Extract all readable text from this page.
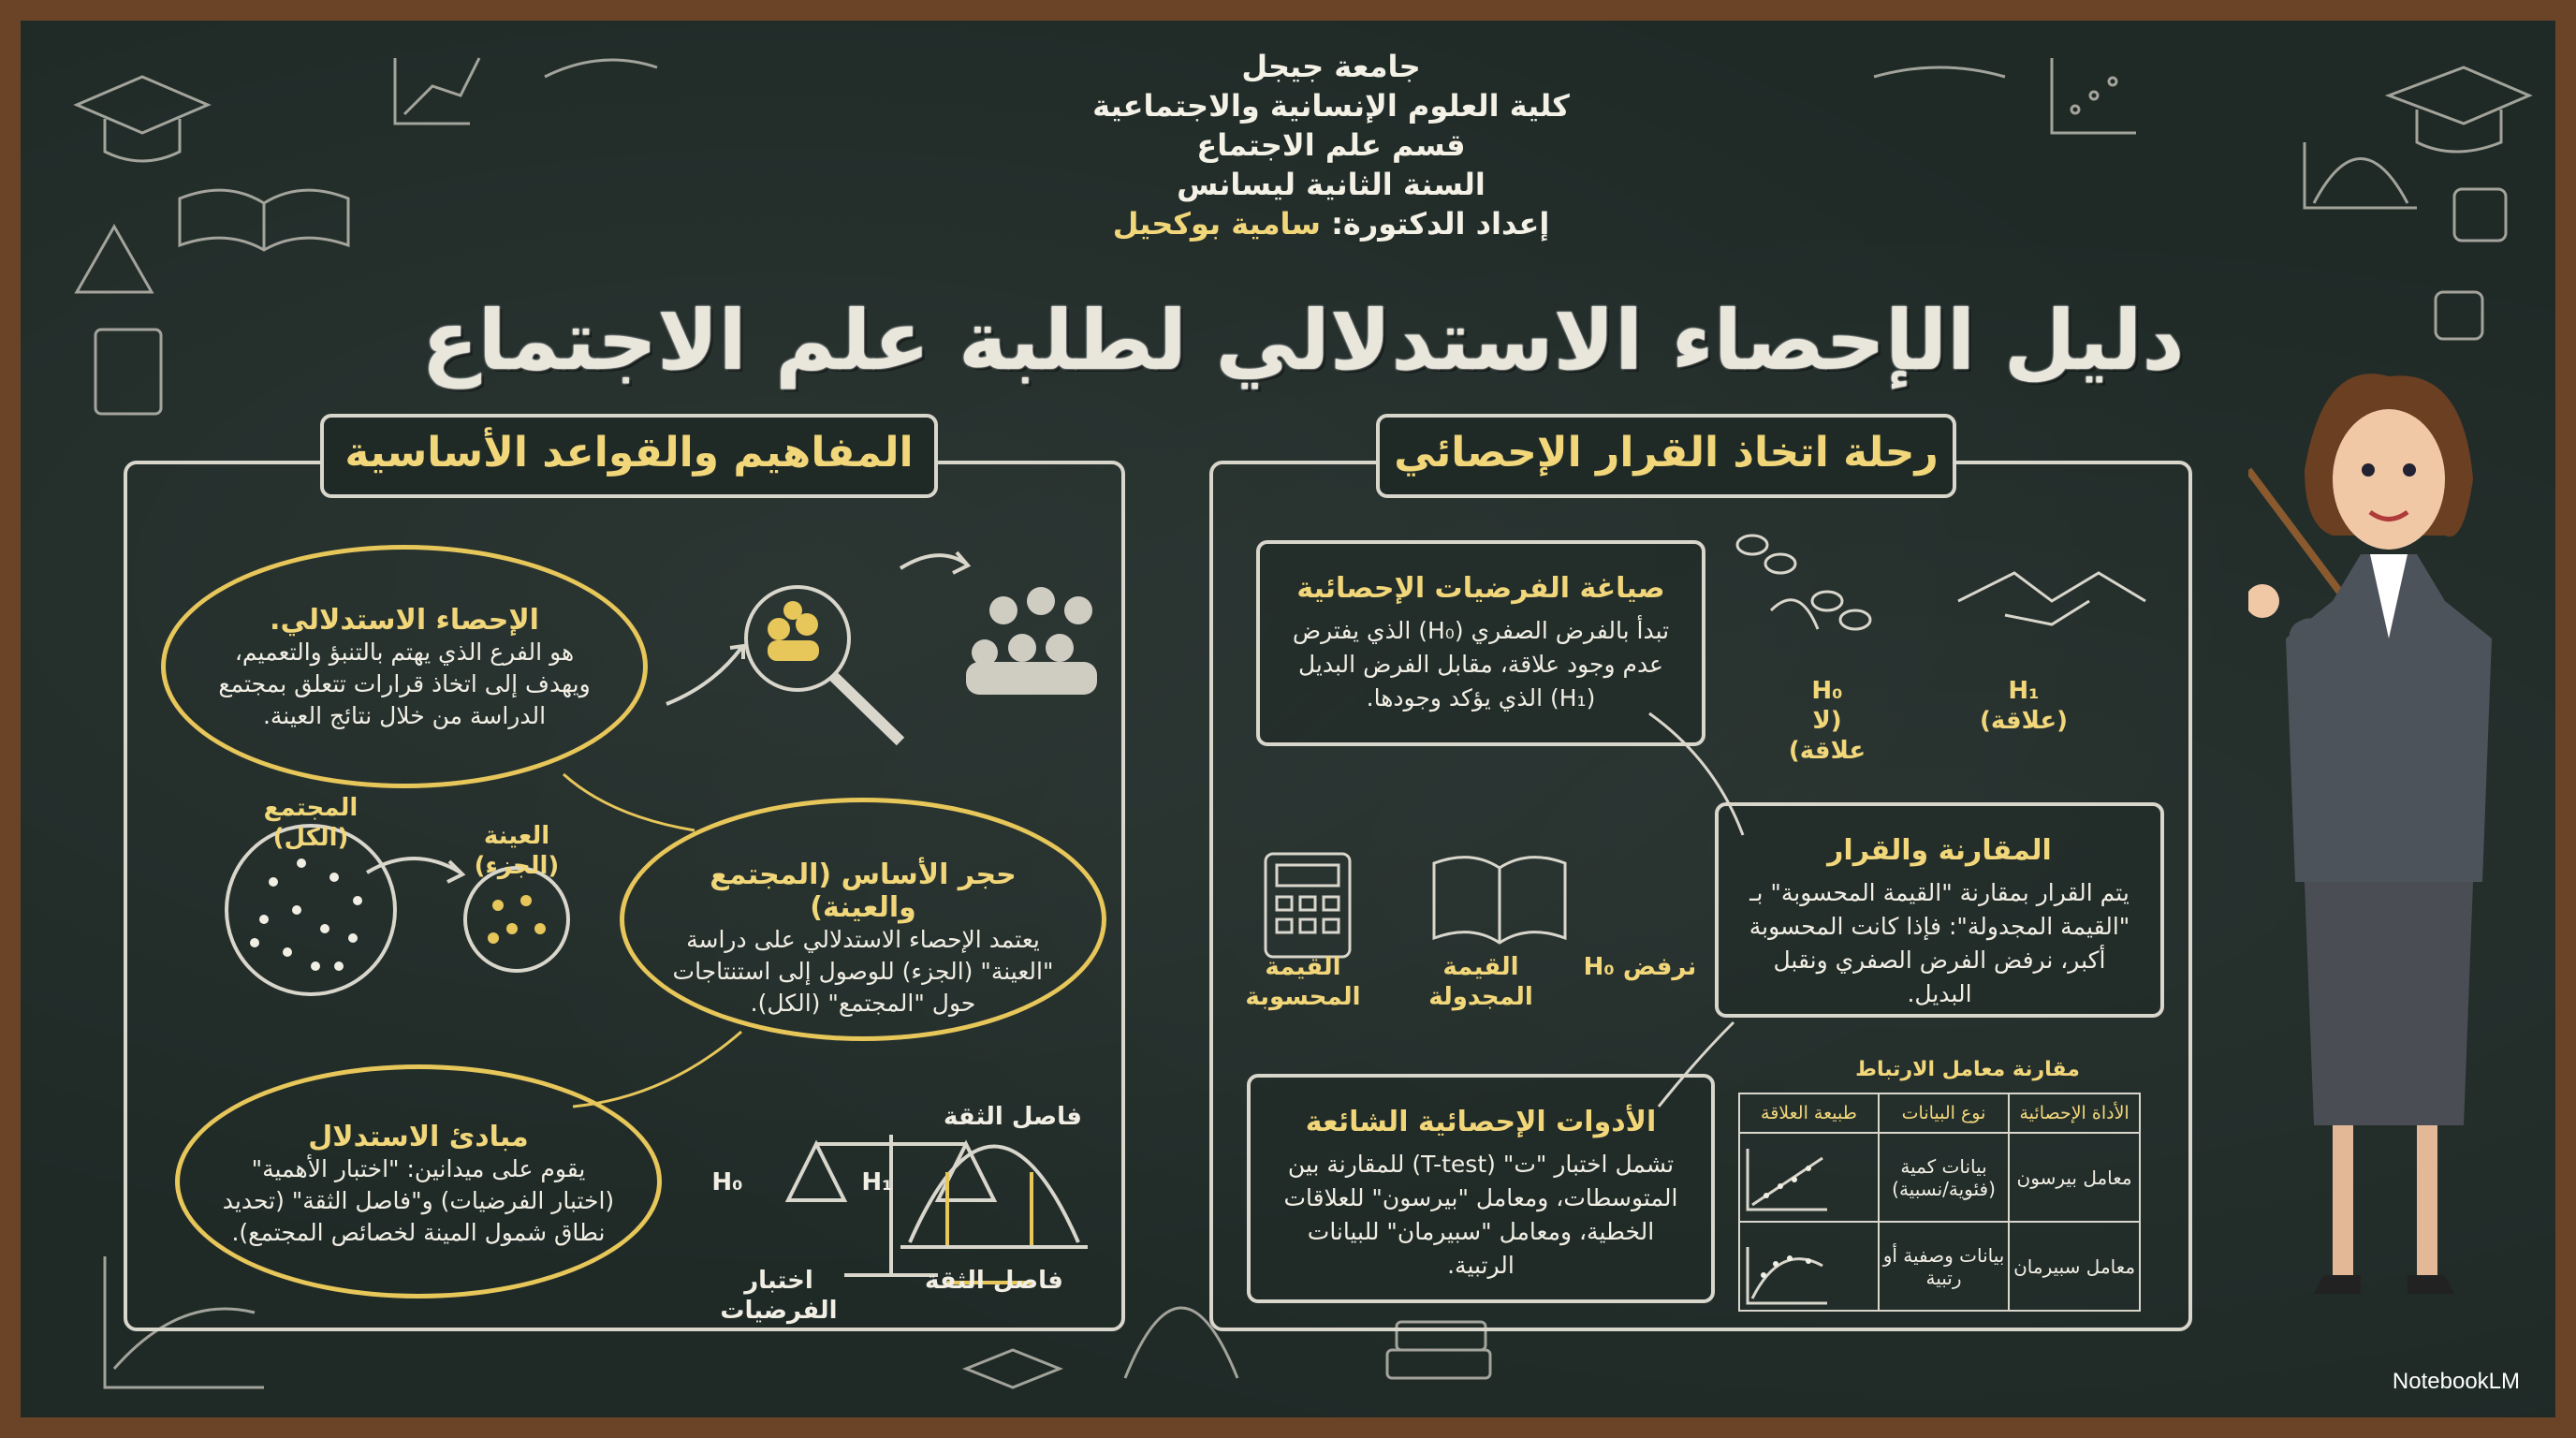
جامعة جيجل
كلية العلوم الإنسانية والاجتماعية
قسم علم الاجتماع
السنة الثانية ليسانس
إعداد الدكتورة: سامية بوكحيل
دليل الإحصاء الاستدلالي لطلبة علم الاجتماع
المفاهيم والقواعد الأساسية
الإحصاء الاستدلالي.
هو الفرع الذي يهتم بالتنبؤ والتعميم، ويهدف إلى اتخاذ قرارات تتعلق بمجتمع الدراسة من خلال نتائج العينة.
حجر الأساس (المجتمع والعينة)
يعتمد الإحصاء الاستدلالي على دراسة "العينة" (الجزء) للوصول إلى استنتاجات حول "المجتمع" (الكل).
مبادئ الاستدلال
يقوم على ميدانين: "اختبار الأهمية" (اختبار الفرضيات) و"فاصل الثقة" (تحديد نطاق شمول المينة لخصائص المجتمع).
المجتمع
(الكل)	العينة
(الجزء)
فاصل الثقة
فاصل الثقة
اختبار الفرضيات
H₀	H₁
رحلة اتخاذ القرار الإحصائي
صياغة الفرضيات الإحصائية
تبدأ بالفرض الصفري (H₀) الذي يفترض عدم وجود علاقة، مقابل الفرض البديل (H₁) الذي يؤكد وجودها.
المقارنة والقرار
يتم القرار بمقارنة "القيمة المحسوبة" بـ "القيمة المجدولة": فإذا كانت المحسوبة أكبر، نرفض الفرض الصفري ونقبل البديل.
الأدوات الإحصائية الشائعة
تشمل اختبار "ت" (T-test) للمقارنة بين المتوسطات، ومعامل "بيرسون" للعلاقات الخطية، ومعامل "سبيرمان" للبيانات الرتبية.
H₀
(لا علاقة)
H₁
(علاقة)
نرفض H₀
القيمة المجدولة
القيمة المحسوبة
مقارنة معامل الارتباط
الأداة الإحصائية	نوع البيانات	طبيعة العلاقة
معامل بيرسون	بيانات كمية (فئوية/نسبية)	
معامل سبيرمان	بيانات وصفية أو رتبية	
NotebookLM
